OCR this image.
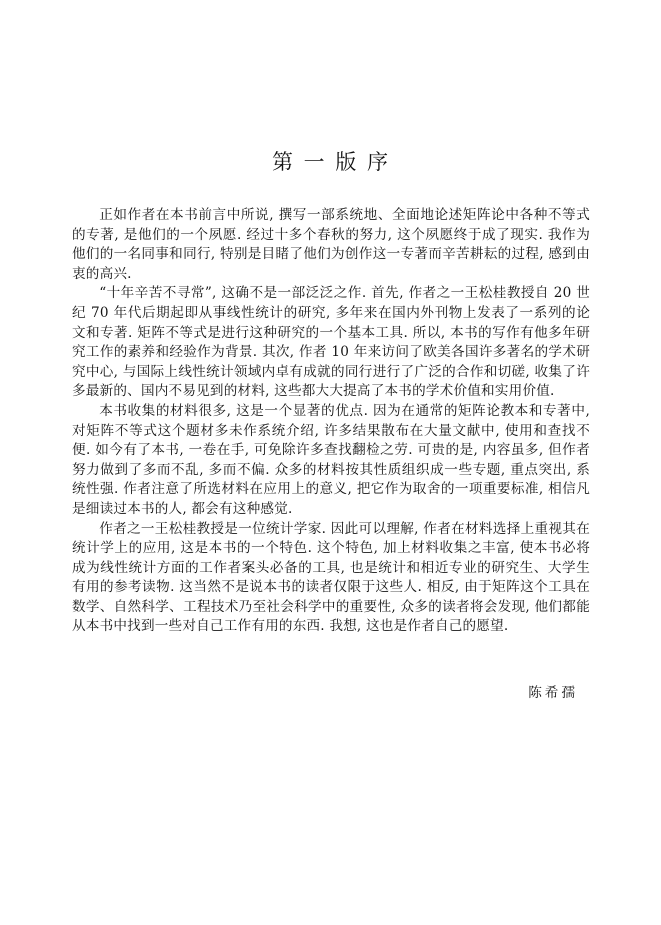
第 一 版 序

正如作者在本书前言中所说, 撰写一部系统地、全面地论述矩阵论中各种不等式的专著, 是他们的一个夙愿. 经过十多个春秋的努力, 这个夙愿终于成了现实. 我作为他们的一名同事和同行, 特别是目睹了他们为创作这一专著而辛苦耕耘的过程, 感到由衷的高兴.

“十年辛苦不寻常”, 这确不是一部泛泛之作. 首先, 作者之一王松桂教授自 20 世纪 70 年代后期起即从事线性统计的研究, 多年来在国内外刊物上发表了一系列的论文和专著. 矩阵不等式是进行这种研究的一个基本工具. 所以, 本书的写作有他多年研究工作的素养和经验作为背景. 其次, 作者 10 年来访问了欧美各国许多著名的学术研究中心, 与国际上线性统计领域内卓有成就的同行进行了广泛的合作和切磋, 收集了许多最新的、国内不易见到的材料, 这些都大大提高了本书的学术价值和实用价值.

本书收集的材料很多, 这是一个显著的优点. 因为在通常的矩阵论教本和专著中, 对矩阵不等式这个题材多未作系统介绍, 许多结果散布在大量文献中, 使用和查找不便. 如今有了本书, 一卷在手, 可免除许多查找翻检之劳. 可贵的是, 内容虽多, 但作者努力做到了多而不乱, 多而不偏. 众多的材料按其性质组织成一些专题, 重点突出, 系统性强. 作者注意了所选材料在应用上的意义, 把它作为取舍的一项重要标准, 相信凡是细读过本书的人, 都会有这种感觉.

作者之一王松桂教授是一位统计学家. 因此可以理解, 作者在材料选择上重视其在统计学上的应用, 这是本书的一个特色. 这个特色, 加上材料收集之丰富, 使本书必将成为线性统计方面的工作者案头必备的工具, 也是统计和相近专业的研究生、大学生有用的参考读物. 这当然不是说本书的读者仅限于这些人. 相反, 由于矩阵这个工具在数学、自然科学、工程技术乃至社会科学中的重要性, 众多的读者将会发现, 他们都能从本书中找到一些对自己工作有用的东西. 我想, 这也是作者自己的愿望.

陈希孺
